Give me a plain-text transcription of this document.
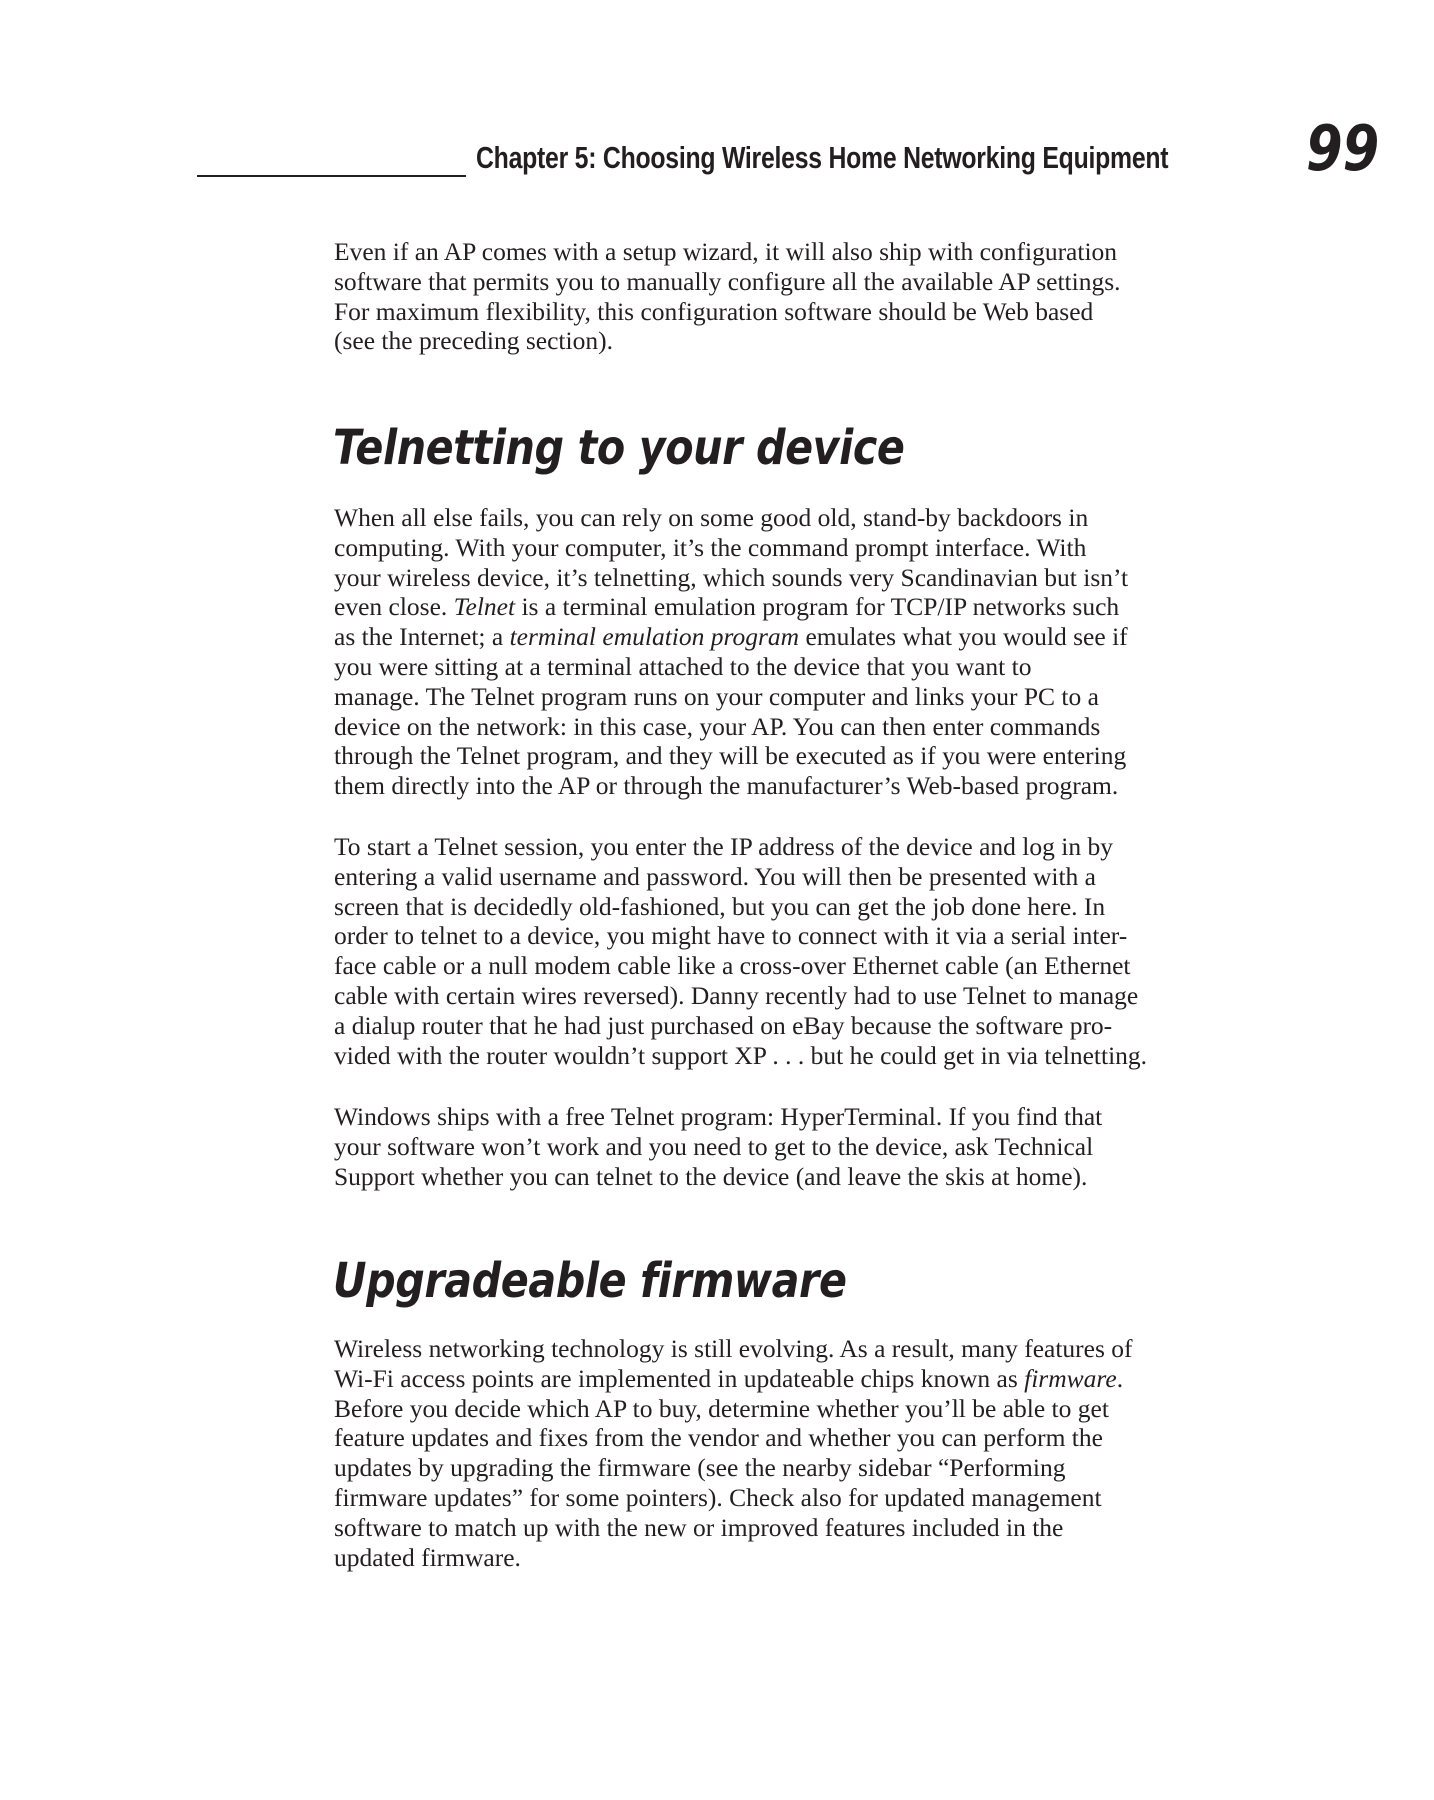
Chapter 5: Choosing Wireless Home Networking Equipment 99
Even if an AP comes with a setup wizard, it will also ship with configuration
software that permits you to manually configure all the available AP settings.
For maximum flexibility, this configuration software should be Web based
(see the preceding section).
Telnetting to your device
When all else fails, you can rely on some good old, stand-by backdoors in
computing. With your computer, it’s the command prompt interface. With
your wireless device, it’s telnetting, which sounds very Scandinavian but isn’t
even close. Telnet is a terminal emulation program for TCP/IP networks such
as the Internet; a terminal emulation program emulates what you would see if
you were sitting at a terminal attached to the device that you want to
manage. The Telnet program runs on your computer and links your PC to a
device on the network: in this case, your AP. You can then enter commands
through the Telnet program, and they will be executed as if you were entering
them directly into the AP or through the manufacturer’s Web-based program.
To start a Telnet session, you enter the IP address of the device and log in by
entering a valid username and password. You will then be presented with a
screen that is decidedly old-fashioned, but you can get the job done here. In
order to telnet to a device, you might have to connect with it via a serial inter-
face cable or a null modem cable like a cross-over Ethernet cable (an Ethernet
cable with certain wires reversed). Danny recently had to use Telnet to manage
a dialup router that he had just purchased on eBay because the software pro-
vided with the router wouldn’t support XP . . . but he could get in via telnetting.
Windows ships with a free Telnet program: HyperTerminal. If you find that
your software won’t work and you need to get to the device, ask Technical
Support whether you can telnet to the device (and leave the skis at home).
Upgradeable firmware
Wireless networking technology is still evolving. As a result, many features of
Wi-Fi access points are implemented in updateable chips known as firmware.
Before you decide which AP to buy, determine whether you’ll be able to get
feature updates and fixes from the vendor and whether you can perform the
updates by upgrading the firmware (see the nearby sidebar “Performing
firmware updates” for some pointers). Check also for updated management
software to match up with the new or improved features included in the
updated firmware.
